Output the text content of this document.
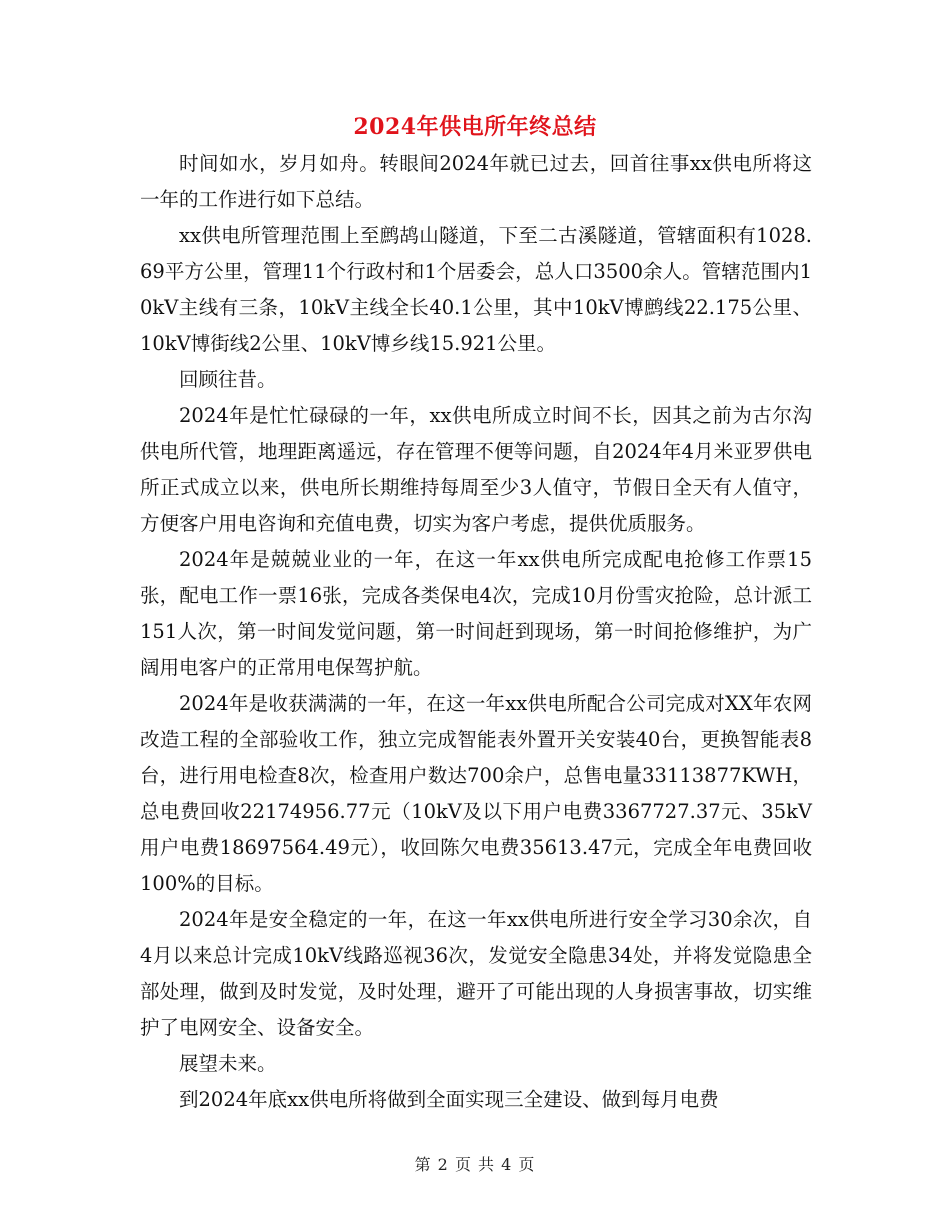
2024年供电所年终总结

时间如水，岁月如舟。转眼间2024年就已过去，回首往事xx供电所将这一年的工作进行如下总结。

xx供电所管理范围上至鹧鸪山隧道，下至二古溪隧道，管辖面积有1028.69平方公里，管理11个行政村和1个居委会，总人口3500余人。管辖范围内10kV主线有三条，10kV主线全长40.1公里，其中10kV博鹧线22.175公里、10kV博街线2公里、10kV博乡线15.921公里。

回顾往昔。

2024年是忙忙碌碌的一年，xx供电所成立时间不长，因其之前为古尔沟供电所代管，地理距离遥远，存在管理不便等问题，自2024年4月米亚罗供电所正式成立以来，供电所长期维持每周至少3人值守，节假日全天有人值守，方便客户用电咨询和充值电费，切实为客户考虑，提供优质服务。

2024年是兢兢业业的一年，在这一年xx供电所完成配电抢修工作票15张，配电工作一票16张，完成各类保电4次，完成10月份雪灾抢险，总计派工151人次，第一时间发觉问题，第一时间赶到现场，第一时间抢修维护，为广阔用电客户的正常用电保驾护航。

2024年是收获满满的一年，在这一年xx供电所配合公司完成对XX年农网改造工程的全部验收工作，独立完成智能表外置开关安装40台，更换智能表8台，进行用电检查8次，检查用户数达700余户，总售电量33113877KWH，总电费回收22174956.77元（10kV及以下用户电费3367727.37元、35kV用户电费18697564.49元），收回陈欠电费35613.47元，完成全年电费回收100%的目标。

2024年是安全稳定的一年，在这一年xx供电所进行安全学习30余次，自4月以来总计完成10kV线路巡视36次，发觉安全隐患34处，并将发觉隐患全部处理，做到及时发觉，及时处理，避开了可能出现的人身损害事故，切实维护了电网安全、设备安全。

展望未来。

到2024年底xx供电所将做到全面实现三全建设、做到每月电费

第 2 页 共 4 页
